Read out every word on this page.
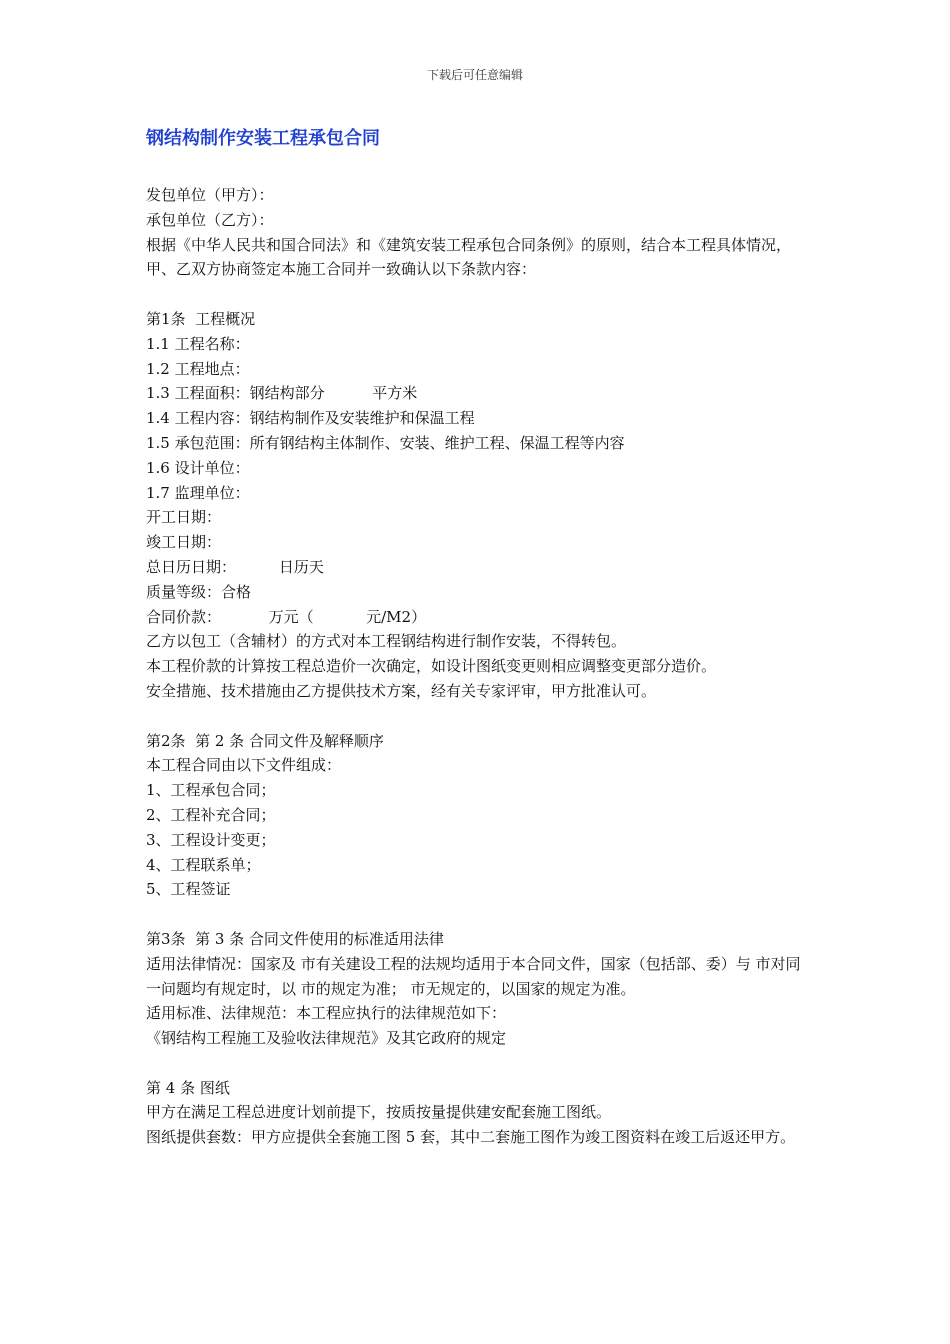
下载后可任意编辑
钢结构制作安装工程承包合同
发包单位（甲方）：
承包单位（乙方）：
根据《中华人民共和国合同法》和《建筑安装工程承包合同条例》的原则，结合本工程具体情况，甲、乙双方协商签定本施工合同并一致确认以下条款内容：
第1条  工程概况
1.1 工程名称：
1.2 工程地点：
1.3 工程面积：钢结构部分          平方米
1.4 工程内容：钢结构制作及安装维护和保温工程
1.5 承包范围：所有钢结构主体制作、安装、维护工程、保温工程等内容
1.6 设计单位：
1.7 监理单位：
开工日期：
竣工日期：
总日历日期：         日历天
质量等级：合格
合同价款：          万元（           元/M2）
乙方以包工（含辅材）的方式对本工程钢结构进行制作安装，不得转包。
本工程价款的计算按工程总造价一次确定，如设计图纸变更则相应调整变更部分造价。
安全措施、技术措施由乙方提供技术方案，经有关专家评审，甲方批准认可。
第2条  第 2 条 合同文件及解释顺序
本工程合同由以下文件组成：
1、工程承包合同；
2、工程补充合同；
3、工程设计变更；
4、工程联系单；
5、工程签证
第3条  第 3 条 合同文件使用的标准适用法律
适用法律情况：国家及 市有关建设工程的法规均适用于本合同文件，国家（包括部、委）与 市对同一问题均有规定时，以 市的规定为准； 市无规定的，以国家的规定为准。
适用标准、法律规范：本工程应执行的法律规范如下：
《钢结构工程施工及验收法律规范》及其它政府的规定
第 4 条 图纸
甲方在满足工程总进度计划前提下，按质按量提供建安配套施工图纸。
图纸提供套数：甲方应提供全套施工图 5 套，其中二套施工图作为竣工图资料在竣工后返还甲方。
